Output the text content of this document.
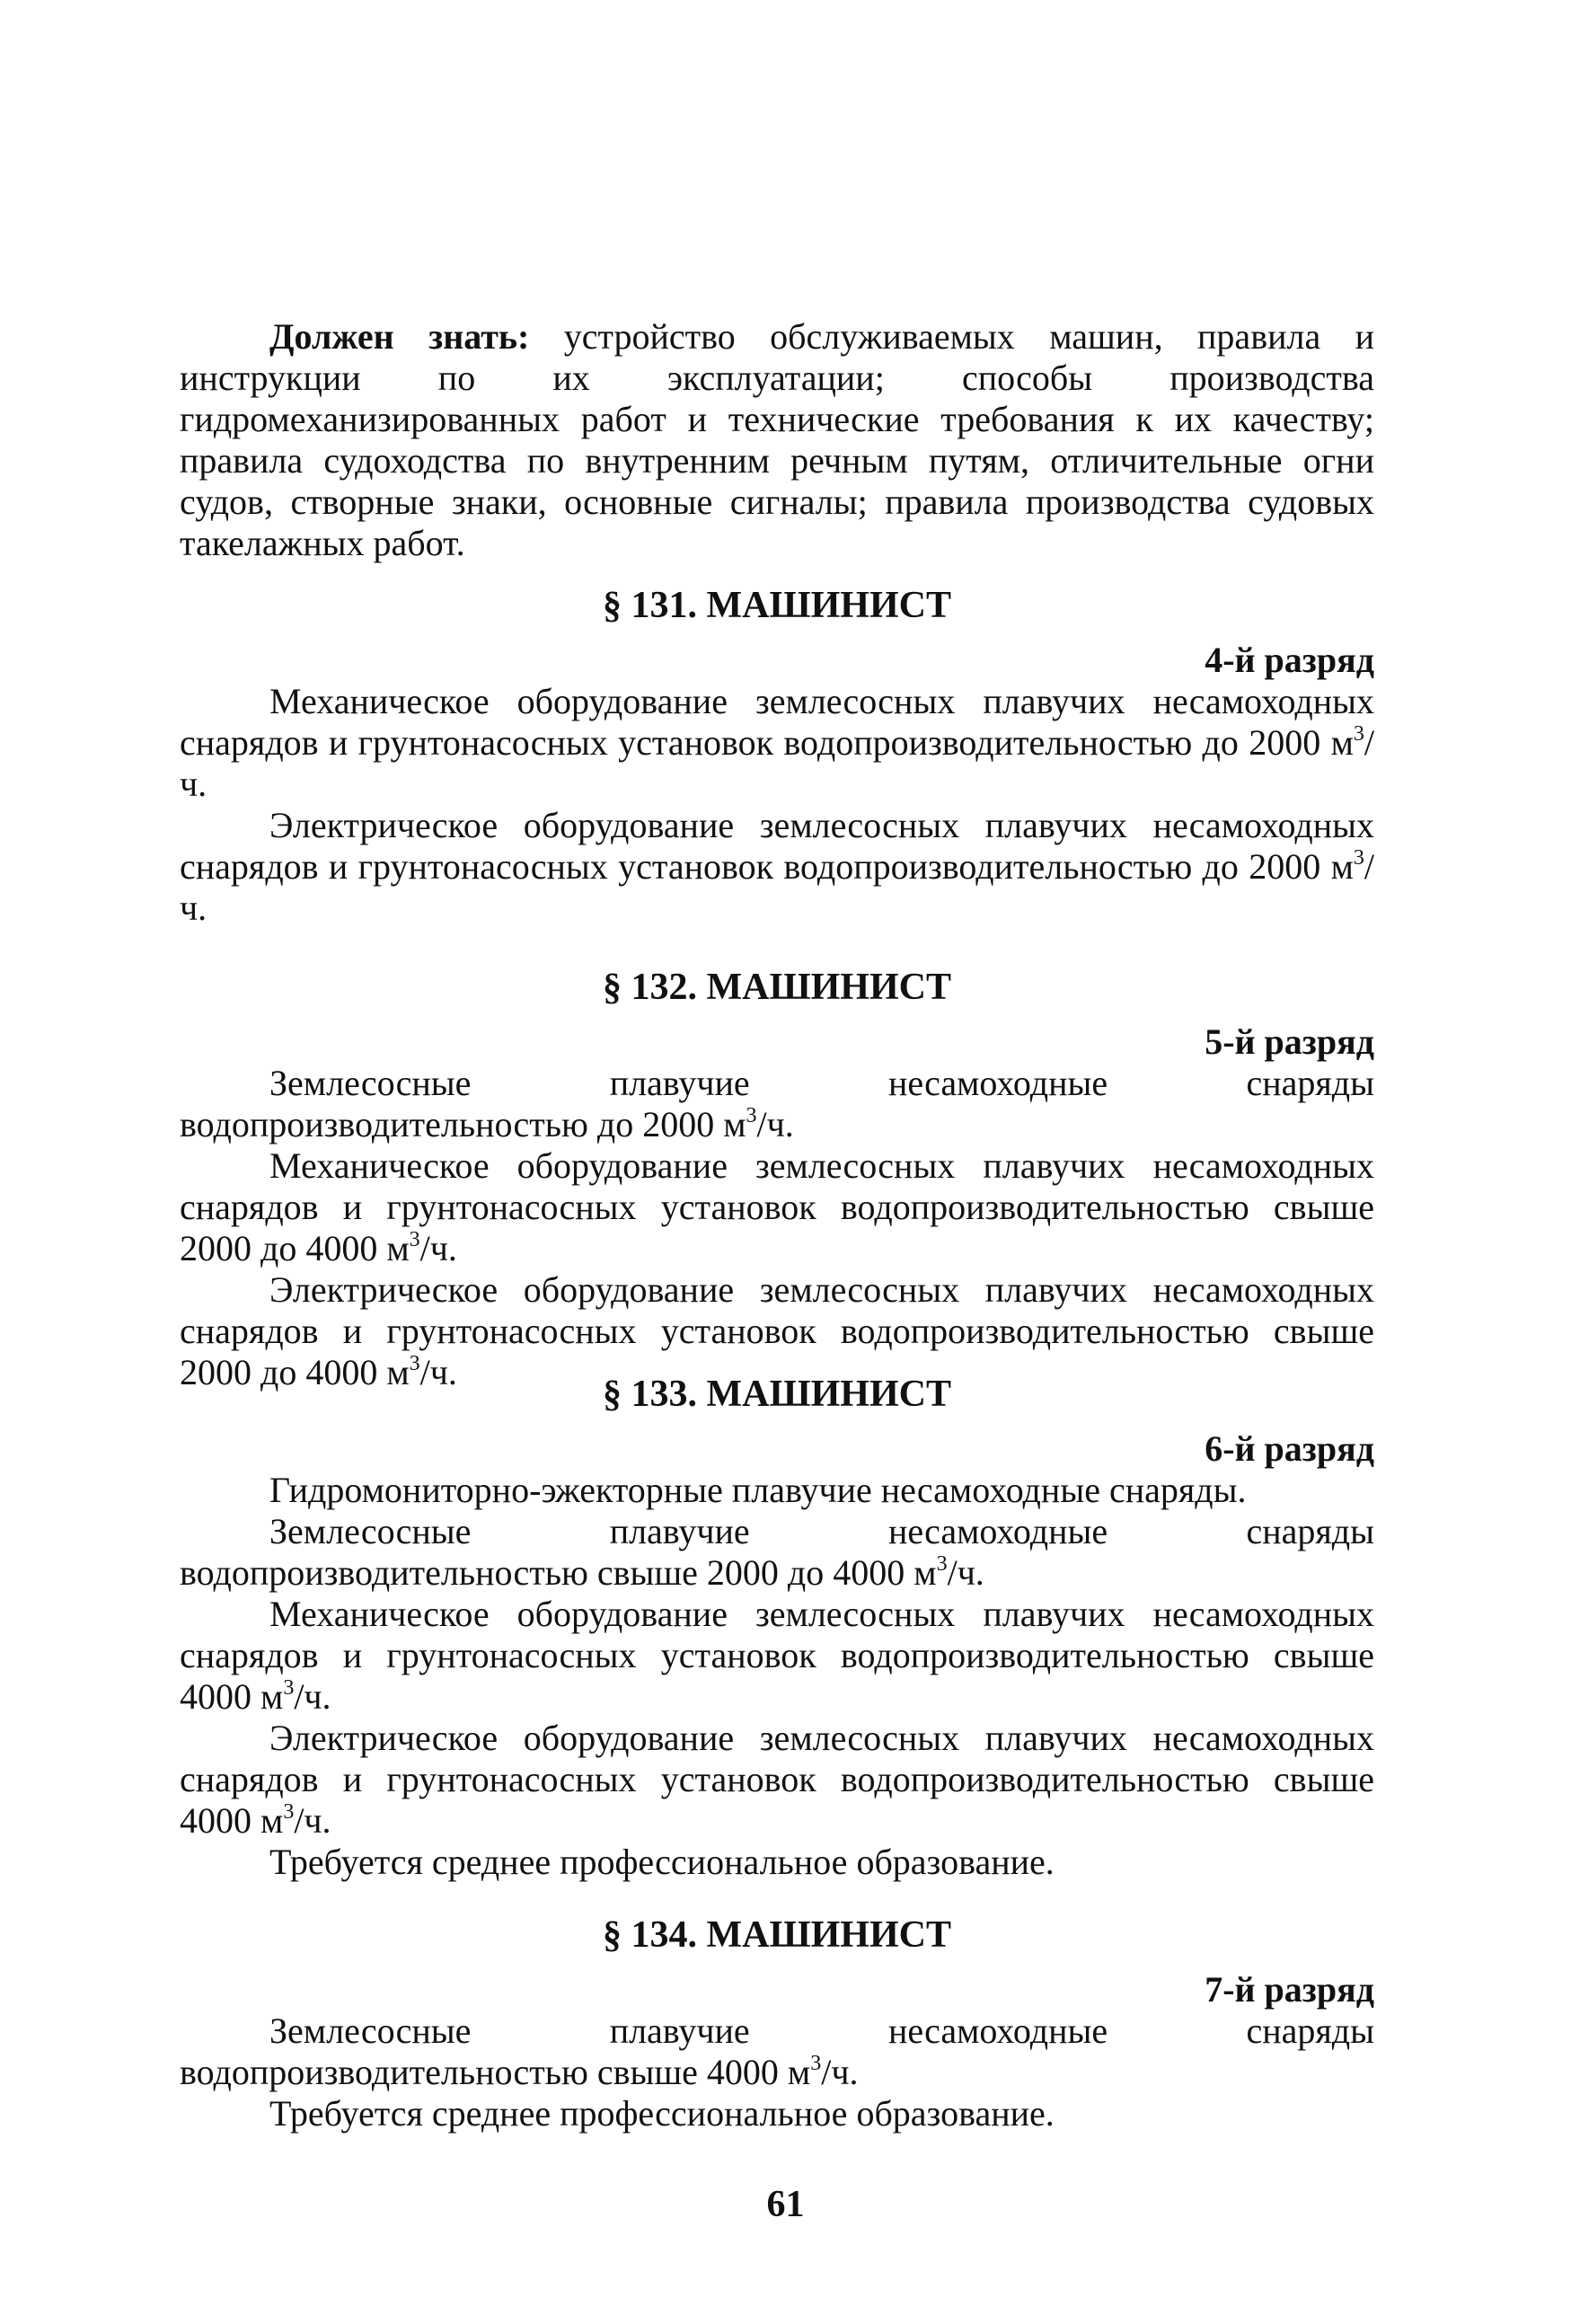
Должен знать: устройство обслуживаемых машин, правила и инструкции по их эксплуатации; способы производства гидромеханизированных работ и технические требования к их качеству; правила судоходства по внутренним речным путям, отличительные огни судов, створные знаки, основные сигналы; правила производства судовых такелажных работ.
§ 131. МАШИНИСТ
4-й разряд

Механическое оборудование землесосных плавучих несамоходных снарядов и грунтонасосных установок водопроизводительностью до 2000 $м^3/ч$.

Электрическое оборудование землесосных плавучих несамоходных снарядов и грунтонасосных установок водопроизводительностью до 2000 $м^3/ч$.

§ 132. МАШИНИСТ
5-й разряд

Землесосные плавучие несамоходные снаряды водопроизводительностью до 2000 $м^3/ч$.

Механическое оборудование землесосных плавучих несамоходных снарядов и грунтонасосных установок водопроизводительностью свыше 2000 до 4000 $м^3/ч$.

Электрическое оборудование землесосных плавучих несамоходных снарядов и грунтонасосных установок водопроизводительностью свыше 2000 до 4000 $м^3/ч$.

§ 133. МАШИНИСТ
6-й разряд

Гидромониторно-эжекторные плавучие несамоходные снаряды.

Землесосные плавучие несамоходные снаряды водопроизводительностью свыше 2000 до 4000 $м^3/ч$.

Механическое оборудование землесосных плавучих несамоходных снарядов и грунтонасосных установок водопроизводительностью свыше 4000 $м^3/ч$.

Электрическое оборудование землесосных плавучих несамоходных снарядов и грунтонасосных установок водопроизводительностью свыше 4000 $м^3/ч$.

Требуется среднее профессиональное образование.

§ 134. МАШИНИСТ
7-й разряд

Землесосные плавучие несамоходные снаряды водопроизводительностью свыше 4000 $м^3/ч$.

Требуется среднее профессиональное образование.

61
